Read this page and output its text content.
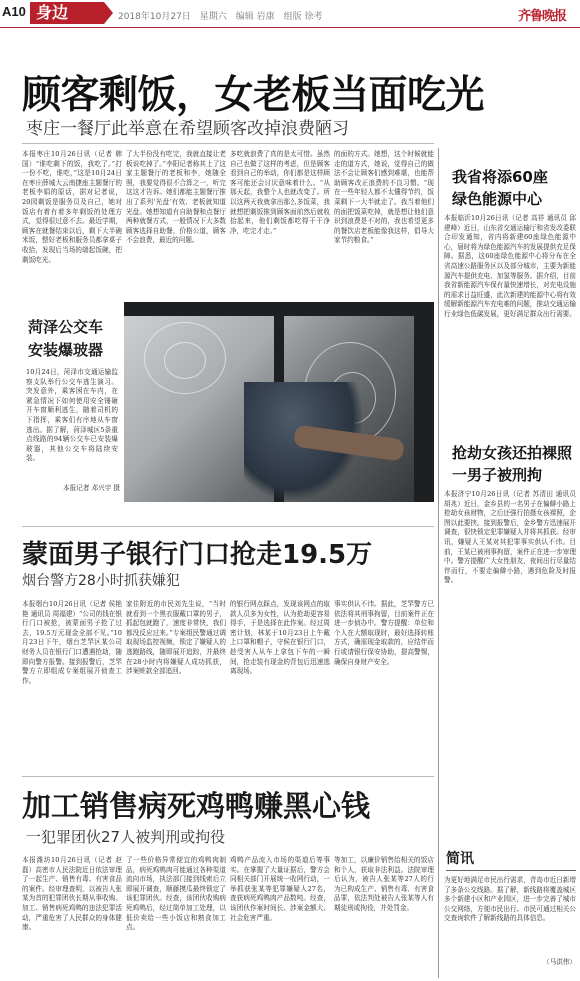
A10 身边	2018年10月27日　星期六　编辑 岩康　组版 徐考	齐鲁晚报
顾客剩饭，女老板当面吃光
枣庄一餐厅此举意在希望顾客改掉浪费陋习
本报枣庄10月26日讯（记者 韩国）“谁吃剩下的饭，我吃了。”打一份不吃，谁吃，”这是10月24日在枣庄薛城大云南捷座主题餐厅的老板李娟的原话，据对记者说，20园剩饭是服务员及自己，她对饭店有着有着多年剩饭的处理方式，觉得很过意不去。最近学期，顾客在就餐结束以后，剩下大半碗米饭，整好老板和服务员都拿桌子收拾，发现后当场的端起饭碗，把剩饭吃光。
了大半份没有吃完，我就直接让老板说吃掉了。”李阳记者称其上了这家主题餐厅的老板和李，她随全照，我要觉得很不合算之一，听完这这才告诉。她们都能主题餐厅推出了系列‘光盘’有效、老板就知道光盘。她想知道有自助餐和点餐厅两种就餐方式，一般情况下大多数顾客选择自助餐，价格公道，顾客不会浪费，最近的问题。
多吃就浪费了真的是太可惜。虽然自己也做了这样的考虑，但是顾客看到自己的举动，你们都是这样顾客可能还会讨厌意味着什么。“从那天起，我整个人也就改变了。所以这两天我就拿出那么多饭菜，我就想把剩饭推到顾客面前然后就收拾起来，他们剩饭都吃得干干净净，吃完才走。”
的面的方式。她想，这个时候就能走的道方式，她说，觉得自己的做法不会让顾客们感到难堪，也能帮助顾客改正浪费的不良习惯。“现在一些年轻人都不太懂得节约，饭菜剩下一大半就走了。我当着他们的面把饭菜吃掉，就是想让他们意识到浪费是不对的，我也希望更多的餐饮店老板能像我这样，倡导大家节约粮食。”
菏泽公交车
安装爆玻器
10月24日，菏泽市交通运输监察支队举行公交车逃生演习。突发意外，乘客困在车内，在紧急情况下如何使用安全锤砸开车窗顺利逃生，随着司机的下指挥，乘客们有序地从车窗逃出。据了解，菏泽城区5条重点线路的94辆公交车已安装爆玻器，其他公交车将陆续安装。
本报记者 邓兴宇 摄
我省将添60座
绿色能源中心
本报临沂10月26日讯（记者 高祥 通讯员 邱建峰）近日，山东省交通运输厅和省发改委联合印发通知，省内将新建60座绿色能源中心，届时将为绿色能源汽车的发展提供充足保障。据悉，这60座绿色能源中心将分布在全省高速公路服务区以及部分城市，主要为新能源汽车提供充电、加氢等服务。据介绍，目前我省新能源汽车保有量快速增长，对充电设施的需求日益旺盛，此次新建的能源中心将有效缓解新能源汽车充电难的问题，推动交通运输行业绿色低碳发展，更好满足群众出行需要。
抢劫女孩还拍裸照
一男子被刑拘
本报济宁10月26日讯（记者 苏清田 通讯员 胡兆）近日，金乡县的一名男子在偏僻小路上抢劫女孩财物，之后还强行拍摄女孩裸照，企图以此要挟。接到报警后，金乡警方迅速展开调查，很快锁定犯罪嫌疑人并将其抓获。经审讯，嫌疑人王某对其犯罪事实供认不讳。目前，王某已被刑事拘留，案件正在进一步审理中。警方提醒广大女性朋友，夜间出行尽量结伴而行，不要走偏僻小路，遇到危险及时报警。
简讯
为更好地满足市民出行需求，青岛市近日新增了多条公交线路。据了解，新线路将覆盖城区多个新建小区和产业园区，进一步完善了城市公交网络，方便市民出行。市民可通过相关公交查询软件了解新线路的具体信息。
（马洪伟）
蒙面男子银行门口抢走19.5万
烟台警方28小时抓获嫌犯
本报烟台10月26日讯（记者 侯艳艳 通讯员 周福建）“公司的钱在银行门口被抢，被蒙面男子抢了过去，19.5万元现金全部不见。”10月23日下午，烟台芝罘区某公司财务人员在银行门口遭遇抢劫，随即向警方报警。接到报警后，芝罘警方立即组成专案组展开侦查工作。
家住附近的市民刘先生说，“当时就看到一个黑衣服戴口罩的男子，抓起包就跑了，速度非常快，我们都没反应过来。”专案组民警通过调取现场监控视频，锁定了嫌疑人的逃跑路线，随即展开追踪，并最终在28小时内将嫌疑人成功抓获，涉案赃款全部追回。
的银行网点踩点，发现该网点的取款人员多为女性，认为抢劫更容易得手，于是选择在此作案。经过周密计划，林某于10月23日上午戴上口罩和帽子，守候在银行门口，趁受害人从车上拿包下车的一瞬间，抢走装有现金的背包后迅速逃离现场。
事实供认不讳。据此，芝罘警方已依法将其刑事拘留，目前案件正在进一步侦办中。警方提醒：单位和个人在大额取现时，最好选择转账方式，确需现金取款的，应结伴而行或请银行保安协助，提高警惕，确保自身财产安全。
加工销售病死鸡鸭赚黑心钱
一犯罪团伙27人被判刑或拘役
本报潍坊10月26日讯（记者 赵磊）高密市人民法院近日依法审理了一起生产、销售有毒、有害食品的案件。经审理查明，以被告人张某为首的犯罪团伙长期从事收购、加工、销售病死鸡鸭的违法犯罪活动，严重危害了人民群众的身体健康。
了一些价格异常便宜的鸡鸭肉制品，病死鸡鸭肉可能通过各种渠道流向市场，执法部门接到线索后立即展开调查，顺藤摸瓜最终锁定了该犯罪团伙。经查，该团伙收购病死鸡鸭后，经过简单加工处理，以低价卖给一些小饭店和熟食加工点。
鸡鸭产品流入市场的渠道后等事实。在掌握了大量证据后，警方会同相关部门开展统一收网行动，一举抓获张某等犯罪嫌疑人27名，查获病死鸡鸭肉产品数吨。经查，该团伙作案时间长、涉案金额大、社会危害严重。
等加工，以廉价销售给相关的饭店和个人，获取非法利益。法院审理后认为，被告人张某等27人的行为已构成生产、销售有毒、有害食品罪，依法判处被告人张某等人有期徒刑或拘役，并处罚金。
